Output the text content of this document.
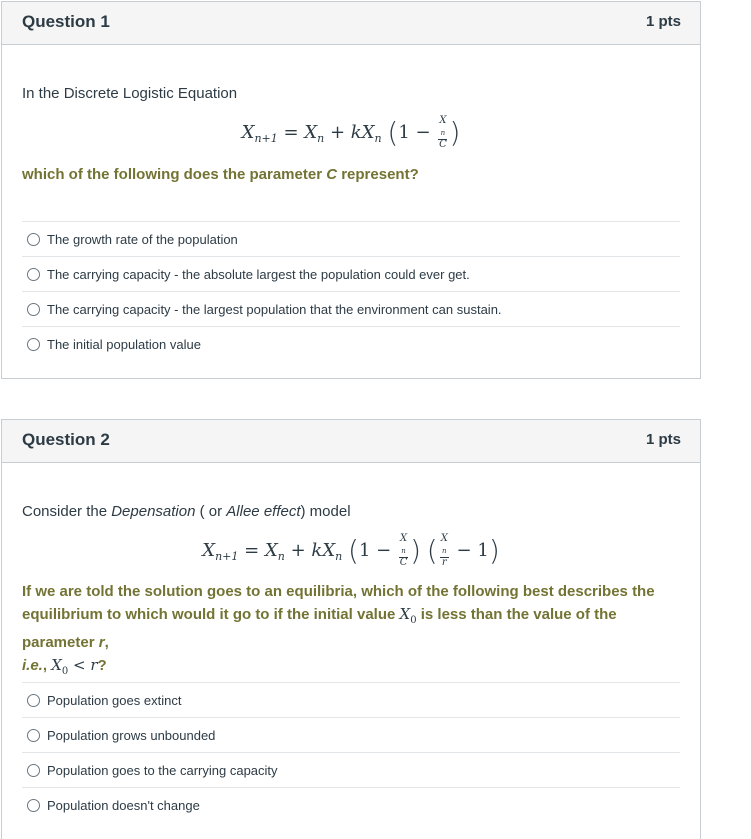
Question 1	1 pts
In the Discrete Logistic Equation
$X_{n+1} = X_n + kX_n$ (1 − X
$_n$
C )
which of the following does the parameter C represent?
The growth rate of the population
The carrying capacity - the absolute largest the population could ever get.
The carrying capacity - the largest population that the environment can sustain.
The initial population value
Question 2	1 pts
Consider the Depensation ( or Allee effect) model
$X_{n+1} = X_n + kX_n$ (1 − X
$_n$
C ) ( X
$_n$
r − 1)
If we are told the solution goes to an equilibria, which of the following best describes the
equilibrium to which would it go to if the initial value $X_0$ is less than the value of the parameter r,
i.e., $X_0 < r$?
Population goes extinct
Population grows unbounded
Population goes to the carrying capacity
Population doesn't change
